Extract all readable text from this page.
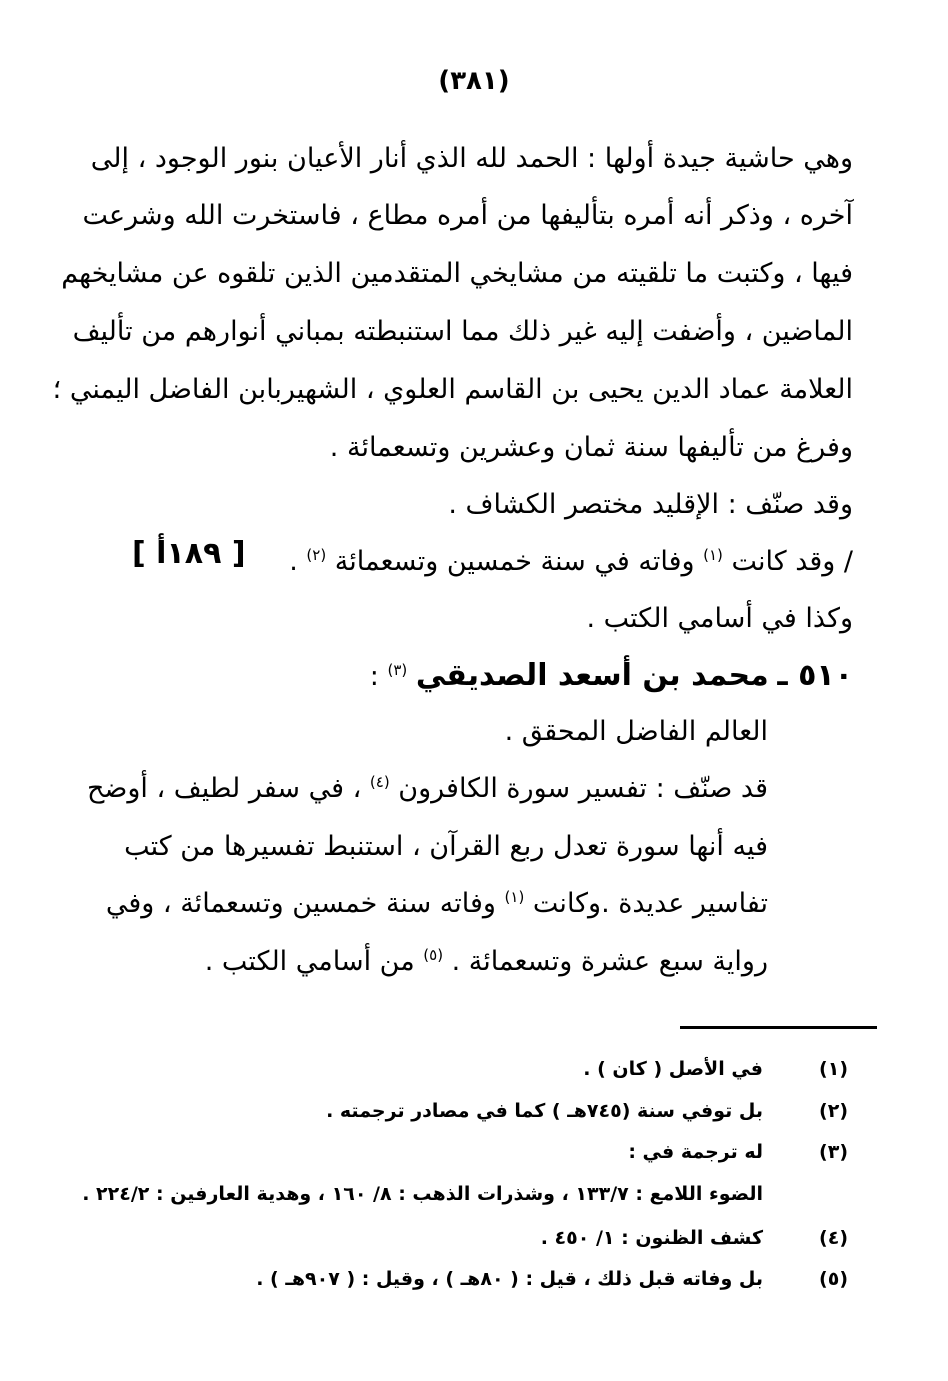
(٣٨١)
وهي حاشية جيدة أولها : الحمد لله الذي أنار الأعيان بنور الوجود ، إلى
آخره ، وذكر أنه أمره بتأليفها من أمره مطاع ، فاستخرت الله وشرعت
فيها ، وكتبت ما تلقيته من مشايخي المتقدمين الذين تلقوه عن مشايخهم
الماضين ، وأضفت إليه غير ذلك مما استنبطته بمباني أنوارهم من تأليف
العلامة عماد الدين يحيى بن القاسم العلوي ، الشهيربابن الفاضل اليمني ؛
وفرغ من تأليفها سنة ثمان وعشرين وتسعمائة .
وقد صنّف : الإقليد مختصر الكشاف .
/ وقد كانت $^{(١)}$ وفاته في سنة خمسين وتسعمائة $^{(٢)}$ .
[ ١٨٩أ ]
وكذا في أسامي الكتب .
٥١٠ ـ محمد بن أسعد الصديقي $^{(٣)}$ :
العالم الفاضل المحقق .
قد صنّف : تفسير سورة الكافرون $^{(٤)}$ ، في سفر لطيف ، أوضح
فيه أنها سورة تعدل ربع القرآن ، استنبط تفسيرها من كتب
تفاسير عديدة .وكانت $^{(١)}$ وفاته سنة خمسين وتسعمائة ، وفي
رواية سبع عشرة وتسعمائة . $^{(٥)}$ من أسامي الكتب .
(١)
في الأصل ( كان ) .
(٢)
بل توفي سنة (٧٤٥هـ ) كما في مصادر ترجمته .
(٣)
له ترجمة في :
الضوء اللامع : ١٣٣/٧ ، وشذرات الذهب : ٨/ ١٦٠ ، وهدية العارفين : ٢٢٤/٢ .
(٤)
كشف الظنون : ١/ ٤٥٠ .
(٥)
بل وفاته قبل ذلك ، قيل : ( ٨٠هـ ) ، وقيل : ( ٩٠٧هـ ) .
